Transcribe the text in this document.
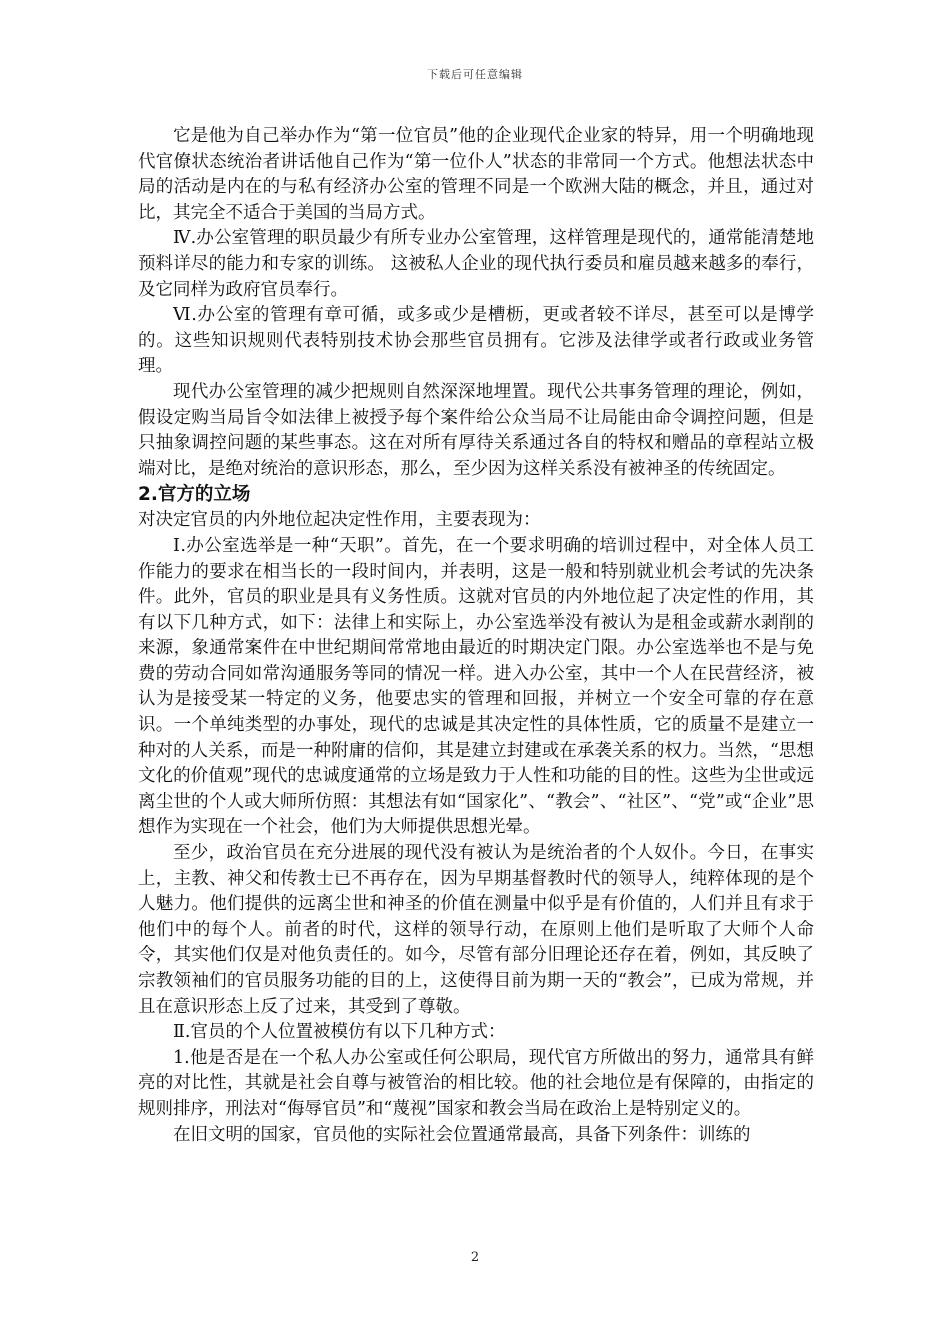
下载后可任意编辑

它是他为自己举办作为“第一位官员”他的企业现代企业家的特异，用一个明确地现代官僚状态统治者讲话他自己作为“第一位仆人”状态的非常同一个方式。他想法状态中局的活动是内在的与私有经济办公室的管理不同是一个欧洲大陆的概念，并且，通过对比，其完全不适合于美国的当局方式。

Ⅳ.办公室管理的职员最少有所专业办公室管理，这样管理是现代的，通常能清楚地预料详尽的能力和专家的训练。 这被私人企业的现代执行委员和雇员越来越多的奉行，及它同样为政府官员奉行。

Ⅵ.办公室的管理有章可循，或多或少是槽枥，更或者较不详尽，甚至可以是博学的。这些知识规则代表特别技术协会那些官员拥有。它涉及法律学或者行政或业务管理。

现代办公室管理的减少把规则自然深深地埋置。现代公共事务管理的理论，例如，假设定购当局旨令如法律上被授予每个案件给公众当局不让局能由命令调控问题，但是只抽象调控问题的某些事态。这在对所有厚待关系通过各自的特权和赠品的章程站立极端对比，是绝对统治的意识形态，那么，至少因为这样关系没有被神圣的传统固定。

2.官方的立场

对决定官员的内外地位起决定性作用，主要表现为：

Ⅰ.办公室选举是一种“天职”。首先，在一个要求明确的培训过程中，对全体人员工作能力的要求在相当长的一段时间内，并表明，这是一般和特别就业机会考试的先决条件。此外，官员的职业是具有义务性质。这就对官员的内外地位起了决定性的作用，其有以下几种方式，如下：法律上和实际上，办公室选举没有被认为是租金或薪水剥削的来源，象通常案件在中世纪期间常常地由最近的时期决定门限。办公室选举也不是与免费的劳动合同如常沟通服务等同的情况一样。进入办公室，其中一个人在民营经济，被认为是接受某一特定的义务，他要忠实的管理和回报，并树立一个安全可靠的存在意识。一个单纯类型的办事处，现代的忠诚是其决定性的具体性质，它的质量不是建立一种对的人关系，而是一种附庸的信仰，其是建立封建或在承袭关系的权力。当然，“思想文化的价值观”现代的忠诚度通常的立场是致力于人性和功能的目的性。这些为尘世或远离尘世的个人或大师所仿照：其想法有如“国家化”、“教会”、“社区”、“党”或“企业”思想作为实现在一个社会，他们为大师提供思想光晕。

至少，政治官员在充分进展的现代没有被认为是统治者的个人奴仆。今日，在事实上，主教、神父和传教士已不再存在，因为早期基督教时代的领导人，纯粹体现的是个人魅力。他们提供的远离尘世和神圣的价值在测量中似乎是有价值的，人们并且有求于他们中的每个人。前者的时代，这样的领导行动，在原则上他们是听取了大师个人命令，其实他们仅是对他负责任的。如今，尽管有部分旧理论还存在着，例如，其反映了宗教领袖们的官员服务功能的目的上，这使得目前为期一天的“教会”，已成为常规，并且在意识形态上反了过来，其受到了尊敬。

Ⅱ.官员的个人位置被模仿有以下几种方式：

1.他是否是在一个私人办公室或任何公职局，现代官方所做出的努力，通常具有鲜亮的对比性，其就是社会自尊与被管治的相比较。他的社会地位是有保障的，由指定的规则排序，刑法对“侮辱官员”和“蔑视”国家和教会当局在政治上是特别定义的。

在旧文明的国家，官员他的实际社会位置通常最高，具备下列条件：训练的

2
